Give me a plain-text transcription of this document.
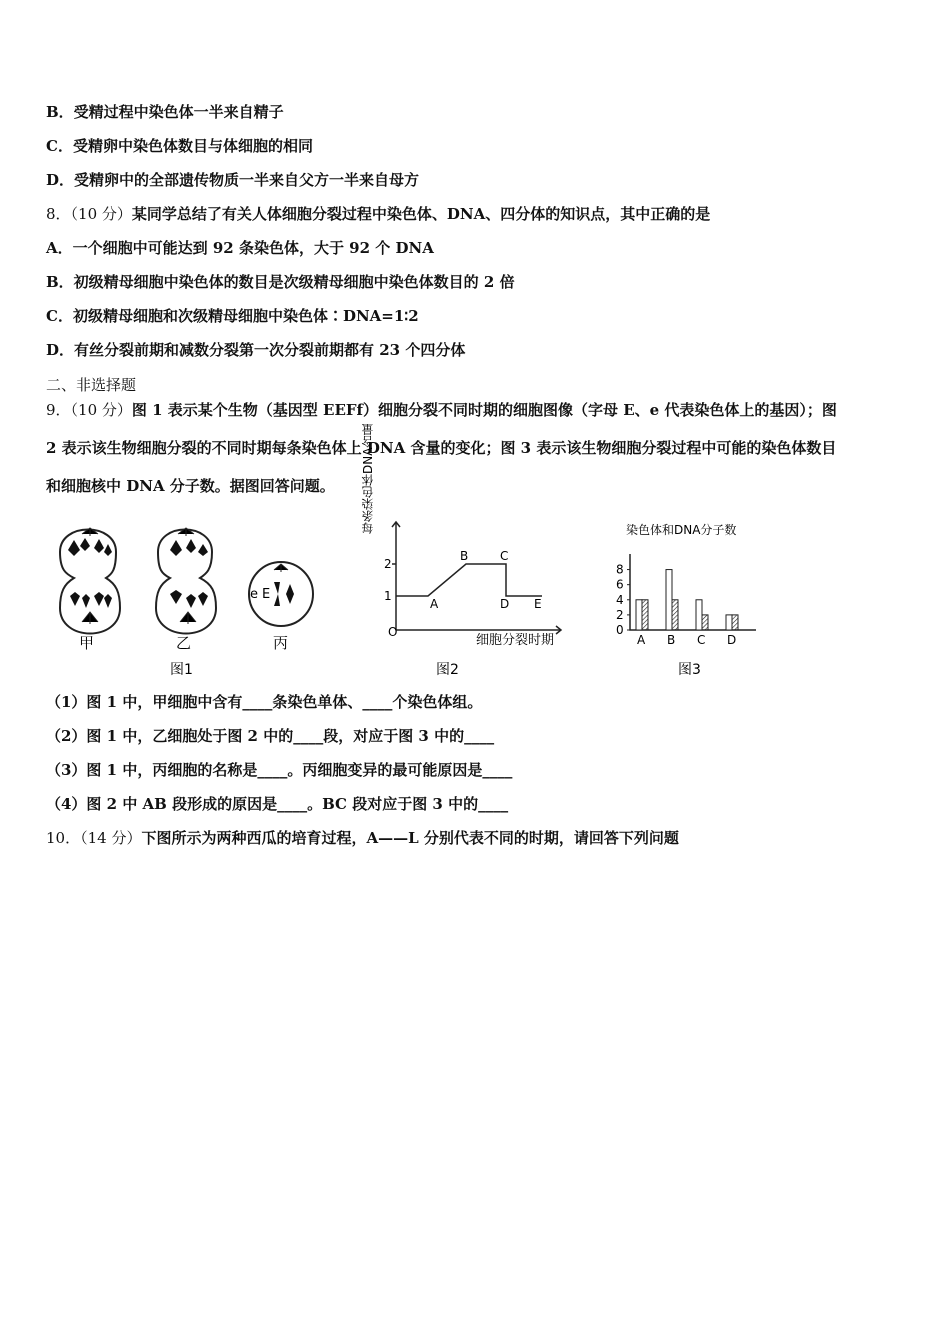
B．受精过程中染色体一半来自精子
C．受精卵中染色体数目与体细胞的相同
D．受精卵中的全部遗传物质一半来自父方一半来自母方
8．（10 分）某同学总结了有关人体细胞分裂过程中染色体、DNA、四分体的知识点，其中正确的是
A．一个细胞中可能达到 92 条染色体，大于 92 个 DNA
B．初级精母细胞中染色体的数目是次级精母细胞中染色体数目的 2 倍
C．初级精母细胞和次级精母细胞中染色体∶DNA=1∶2
D．有丝分裂前期和减数分裂第一次分裂前期都有 23 个四分体
二、非选择题
9．（10 分）图 1 表示某个生物（基因型 EEFf）细胞分裂不同时期的细胞图像（字母 E、e 代表染色体上的基因）；图
2 表示该生物细胞分裂的不同时期每条染色体上 DNA 含量的变化；图 3 表示该生物细胞分裂过程中可能的染色体数目
和细胞核中 DNA 分子数。据图回答问题。
e E
甲	乙	丙
图1
每条染色体DNA含量
2
1
O
A
B	C
D E
细胞分裂时期
图2
染色体和DNA分子数
0
2
4
6
8
A B C D
图3
（1）图 1 中，甲细胞中含有____条染色单体、____个染色体组。
（2）图 1 中，乙细胞处于图 2 中的____段，对应于图 3 中的____
（3）图 1 中，丙细胞的名称是____。丙细胞变异的最可能原因是____
（4）图 2 中 AB 段形成的原因是____。BC 段对应于图 3 中的____
10．（14 分）下图所示为两种西瓜的培育过程，A——L 分别代表不同的时期，请回答下列问题
